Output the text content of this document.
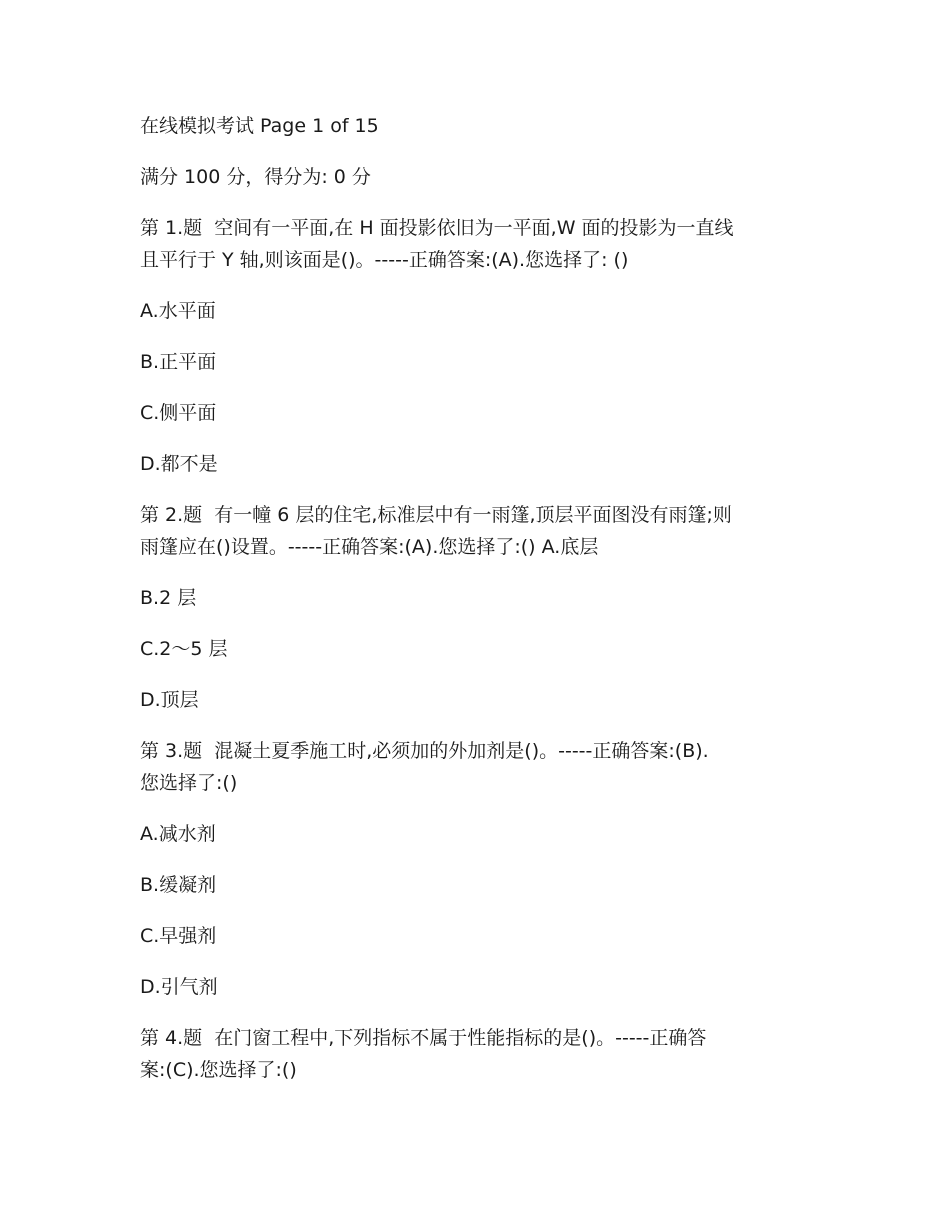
在线模拟考试 Page 1 of 15
满分 100 分，得分为: 0 分
第 1.题  空间有一平面,在 H 面投影依旧为一平面,W 面的投影为一直线
且平行于 Y 轴,则该面是()。-----正确答案:(A).您选择了: ()
A.水平面
B.正平面
C.侧平面
D.都不是
第 2.题  有一幢 6 层的住宅,标准层中有一雨篷,顶层平面图没有雨篷;则
雨篷应在()设置。-----正确答案:(A).您选择了:() A.底层
B.2 层
C.2～5 层
D.顶层
第 3.题  混凝土夏季施工时,必须加的外加剂是()。-----正确答案:(B).
您选择了:()
A.减水剂
B.缓凝剂
C.早强剂
D.引气剂
第 4.题  在门窗工程中,下列指标不属于性能指标的是()。-----正确答
案:(C).您选择了:()
